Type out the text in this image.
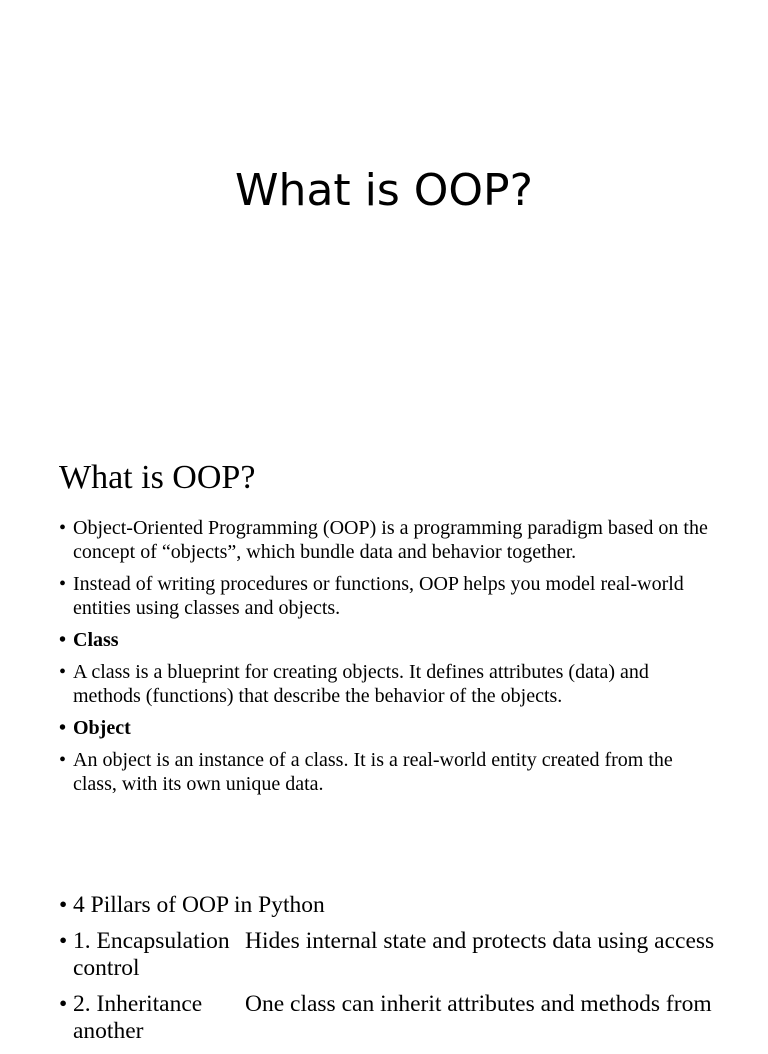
What is OOP?
What is OOP?
• Object-Oriented Programming (OOP) is a programming paradigm based on the concept of “objects”, which bundle data and behavior together.
• Instead of writing procedures or functions, OOP helps you model real-world entities using classes and objects.
• Class
• A class is a blueprint for creating objects. It defines attributes (data) and methods (functions) that describe the behavior of the objects.
• Object
• An object is an instance of a class. It is a real-world entity created from the class, with its own unique data.
• 4 Pillars of OOP in Python
• 1. Encapsulation Hides internal state and protects data using access control
• 2. Inheritance One class can inherit attributes and methods from another
